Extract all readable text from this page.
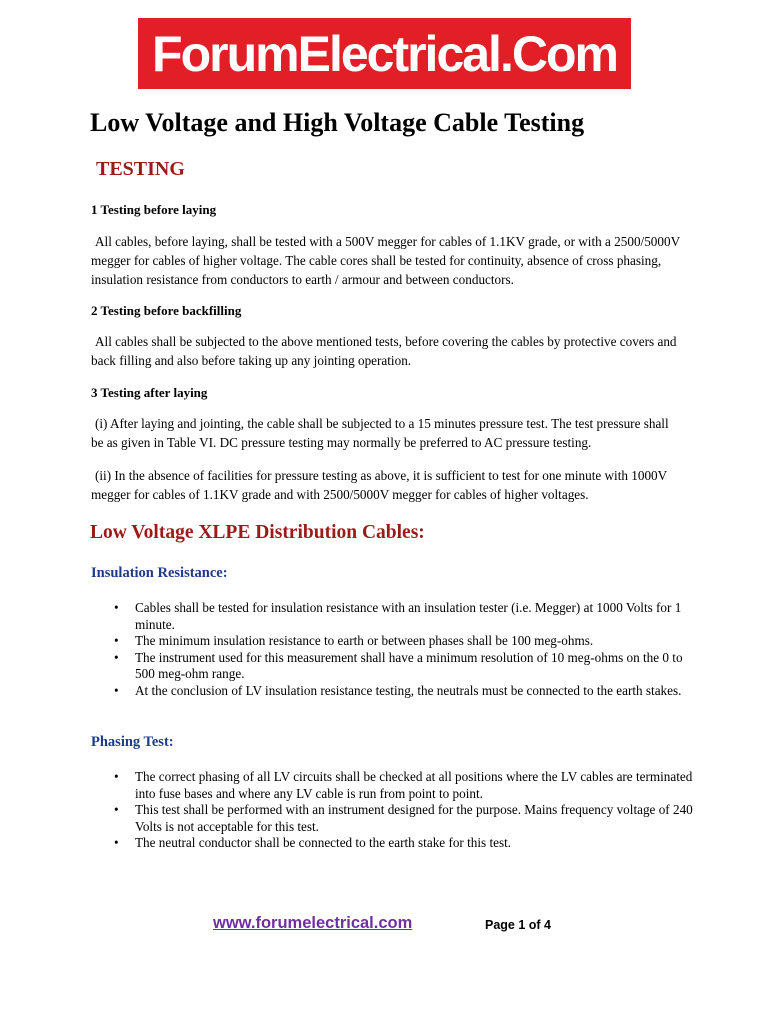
ForumElectrical.Com
Low Voltage and High Voltage Cable Testing
TESTING

1 Testing before laying

All cables, before laying, shall be tested with a 500V megger for cables of 1.1KV grade, or with a 2500/5000V megger for cables of higher voltage. The cable cores shall be tested for continuity, absence of cross phasing, insulation resistance from conductors to earth / armour and between conductors.

2 Testing before backfilling

All cables shall be subjected to the above mentioned tests, before covering the cables by protective covers and back filling and also before taking up any jointing operation.

3 Testing after laying

(i) After laying and jointing, the cable shall be subjected to a 15 minutes pressure test. The test pressure shall be as given in Table VI. DC pressure testing may normally be preferred to AC pressure testing.

(ii) In the absence of facilities for pressure testing as above, it is sufficient to test for one minute with 1000V megger for cables of 1.1KV grade and with 2500/5000V megger for cables of higher voltages.

Low Voltage XLPE Distribution Cables:
Insulation Resistance:
• Cables shall be tested for insulation resistance with an insulation tester (i.e. Megger) at 1000 Volts for 1 minute.
• The minimum insulation resistance to earth or between phases shall be 100 meg-ohms.
• The instrument used for this measurement shall have a minimum resolution of 10 meg-ohms on the 0 to 500 meg-ohm range.
• At the conclusion of LV insulation resistance testing, the neutrals must be connected to the earth stakes.
Phasing Test:
• The correct phasing of all LV circuits shall be checked at all positions where the LV cables are terminated into fuse bases and where any LV cable is run from point to point.
• This test shall be performed with an instrument designed for the purpose. Mains frequency voltage of 240 Volts is not acceptable for this test.
• The neutral conductor shall be connected to the earth stake for this test.
www.forumelectrical.com	Page 1 of 4
